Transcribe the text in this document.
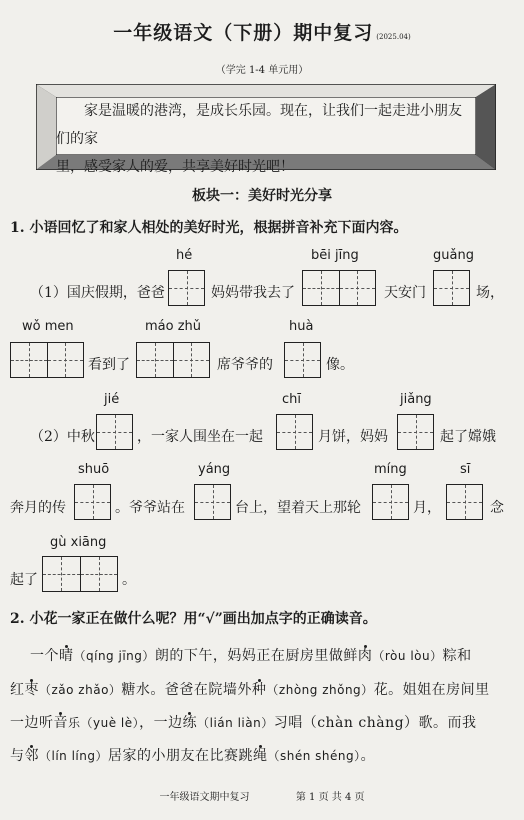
一年级语文（下册）期中复习 (2025.04)
（学完 1-4 单元用）
家是温暖的港湾，是成长乐园。现在，让我们一起走进小朋友们的家
里，感受家人的爱，共享美好时光吧！
板块一：美好时光分享
1. 小语回忆了和家人相处的美好时光，根据拼音补充下面内容。
hé	bēi jīng	guǎng
（1）国庆假期，爸爸	妈妈带我去了	天安门	场，
wǒ men	máo zhǔ	huà
看到了	席爷爷的	像。
jié	chī	jiǎng
（2）中秋	，一家人围坐在一起	月饼，妈妈	起了嫦娥
shuō	yáng	míng	sī
奔月的传	。爷爷站在	台上，望着天上那轮	月，	念
gù xiāng
起了	。
2. 小花一家正在做什么呢？用“√”画出加点字的正确读音。
一个晴（qíng jīng）朗的下午，妈妈正在厨房里做鲜肉（ròu lòu）粽和
红枣（zǎo zhǎo）糖水。爸爸在院墙外种（zhòng zhǒng）花。姐姐在房间里
一边听音乐（yuè lè），一边练（lián liàn）习唱（chàn chàng）歌。而我
与邻（lín líng）居家的小朋友在比赛跳绳（shén shéng）。
一年级语文期中复习	第 1 页 共 4 页
